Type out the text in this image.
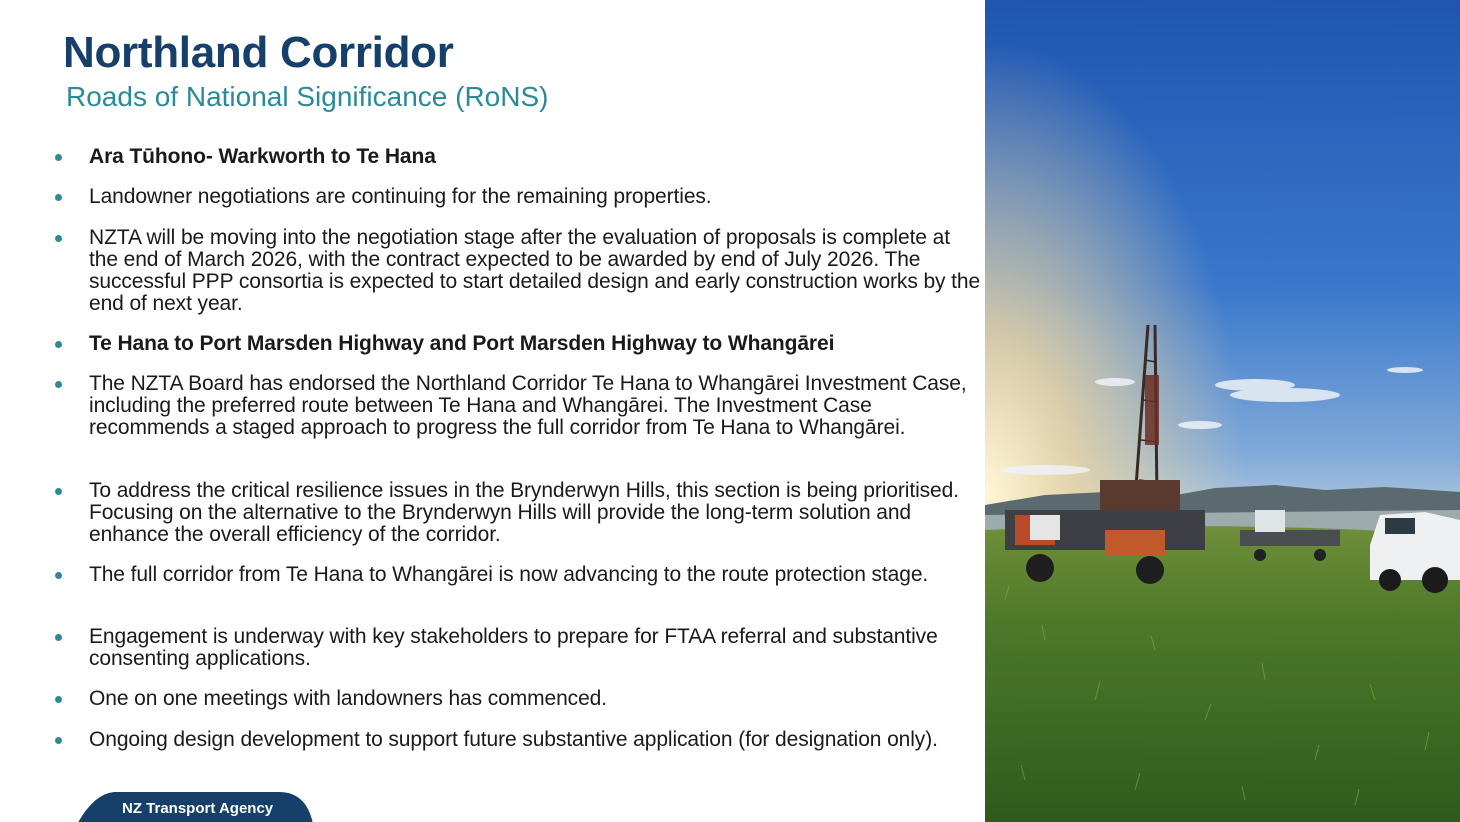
Northland Corridor
Roads of National Significance (RoNS)
Ara Tūhono- Warkworth to Te Hana
Landowner negotiations are continuing for the remaining properties.
NZTA will be moving into the negotiation stage after the evaluation of proposals is complete at the end of March 2026, with the contract expected to be awarded by end of July 2026. The successful PPP consortia is expected to start detailed design and early construction works by the end of next year.
Te Hana to Port Marsden Highway and Port Marsden Highway to Whangārei
The NZTA Board has endorsed the Northland Corridor Te Hana to Whangārei Investment Case, including the preferred route between Te Hana and Whangārei. The Investment Case recommends a staged approach to progress the full corridor from Te Hana to Whangārei.
To address the critical resilience issues in the Brynderwyn Hills, this section is being prioritised. Focusing on the alternative to the Brynderwyn Hills will provide the long-term solution and enhance the overall efficiency of the corridor.
The full corridor from Te Hana to Whangārei is now advancing to the route protection stage.
Engagement is underway with key stakeholders to prepare for FTAA referral and substantive consenting applications.
One on one meetings with landowners has commenced.
Ongoing design development to support future substantive application (for designation only).
NZ Transport Agency
